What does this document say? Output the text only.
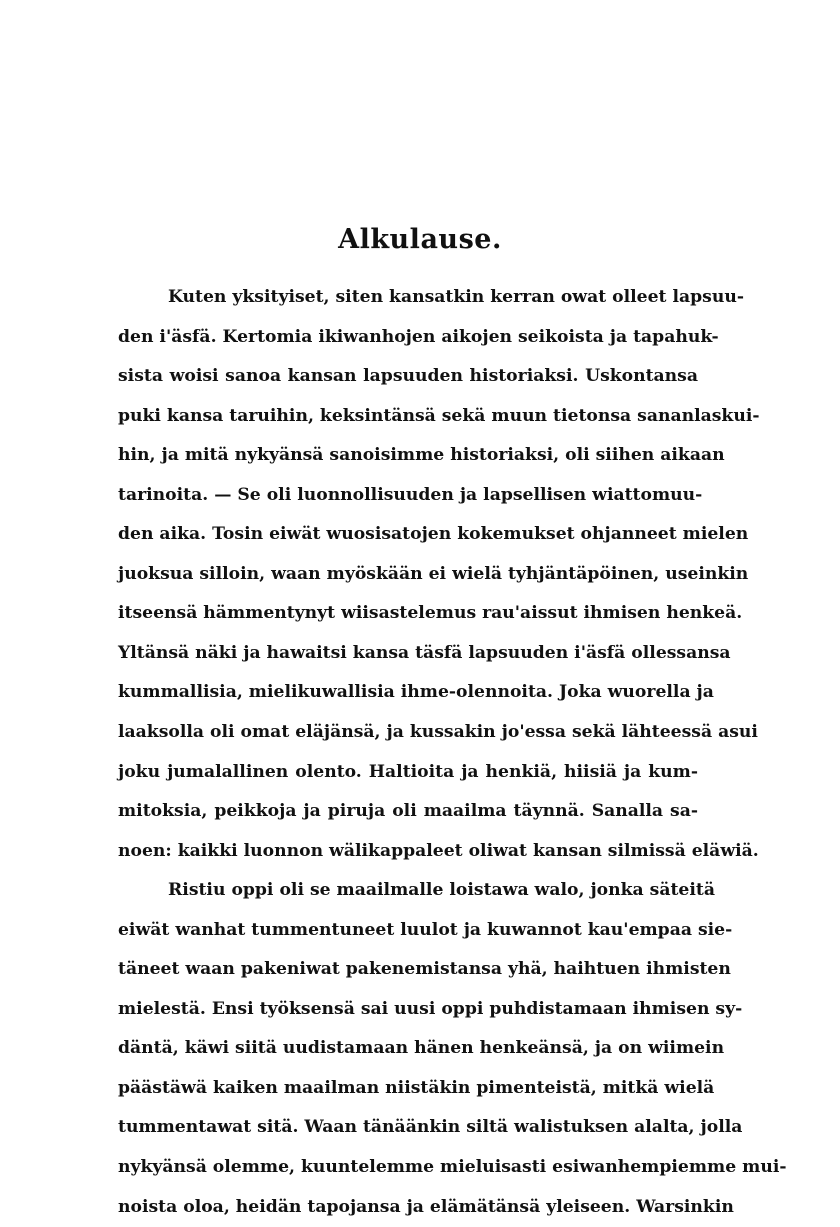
Alkulause.
Kuten yksityiset, siten kansatkin kerran owat olleet lapsuu-
den i'äsfä. Kertomia ikiwanhojen aikojen seikoista ja tapahuk-
sista woisi sanoa kansan lapsuuden historiaksi. Uskontansa
puki kansa taruihin, keksintänsä sekä muun tietonsa sananlaskui-
hin, ja mitä nykyänsä sanoisimme historiaksi, oli siihen aikaan
tarinoita. — Se oli luonnollisuuden ja lapsellisen wiattomuu-
den aika. Tosin eiwät wuosisatojen kokemukset ohjanneet mielen
juoksua silloin, waan myöskään ei wielä tyhjäntäpöinen, useinkin
itseensä hämmentynyt wiisastelemus rau'aissut ihmisen henkeä.
Yltänsä näki ja hawaitsi kansa täsfä lapsuuden i'äsfä ollessansa
kummallisia, mielikuwallisia ihme-olennoita. Joka wuorella ja
laaksolla oli omat eläjänsä, ja kussakin jo'essa sekä lähteessä asui
joku jumalallinen olento. Haltioita ja henkiä, hiisiä ja kum-
mitoksia, peikkoja ja piruja oli maailma täynnä. Sanalla sa-
noen: kaikki luonnon wälikappaleet oliwat kansan silmissä eläwiä.
Ristiu oppi oli se maailmalle loistawa walo, jonka säteitä
eiwät wanhat tummentuneet luulot ja kuwannot kau'empaa sie-
täneet waan pakeniwat pakenemistansa yhä, haihtuen ihmisten
mielestä. Ensi työksensä sai uusi oppi puhdistamaan ihmisen sy-
däntä, käwi siitä uudistamaan hänen henkeänsä, ja on wiimein
päästäwä kaiken maailman niistäkin pimenteistä, mitkä wielä
tummentawat sitä. Waan tänäänkin siltä walistuksen alalta, jolla
nykyänsä olemme, kuuntelemme mieluisasti esiwanhempiemme mui-
noista oloa, heidän tapojansa ja elämätänsä yleiseen. Warsinkin
